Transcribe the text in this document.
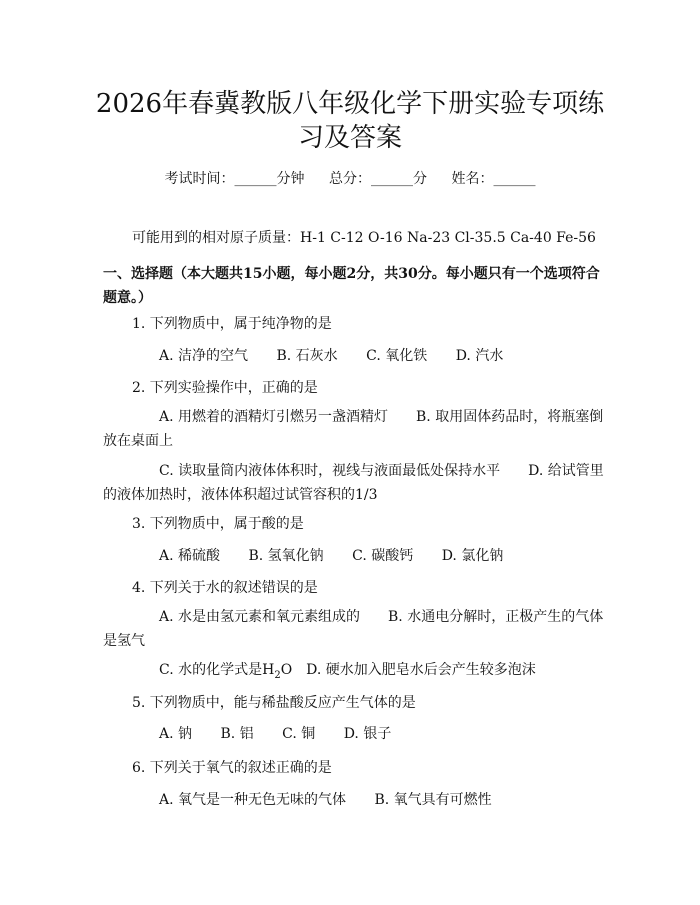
2026年春冀教版八年级化学下册实验专项练
习及答案
考试时间：______分钟 总分：______分 姓名：______
可能用到的相对原子质量：H-1 C-12 O-16 Na-23 Cl-35.5 Ca-40 Fe-56
一、选择题（本大题共15小题，每小题2分，共30分。每小题只有一个选项符合题意。）
1. 下列物质中，属于纯净物的是
A. 洁净的空气 B. 石灰水 C. 氧化铁 D. 汽水
2. 下列实验操作中，正确的是
A. 用燃着的酒精灯引燃另一盏酒精灯　　B. 取用固体药品时，将瓶塞倒放在桌面上
C. 读取量筒内液体体积时，视线与液面最低处保持水平　　D. 给试管里的液体加热时，液体体积超过试管容积的1/3
3. 下列物质中，属于酸的是
A. 稀硫酸 B. 氢氧化钠 C. 碳酸钙 D. 氯化钠
4. 下列关于水的叙述错误的是
A. 水是由氢元素和氧元素组成的　　B. 水通电分解时，正极产生的气体是氢气
C. 水的化学式是$H_2O$　D. 硬水加入肥皂水后会产生较多泡沫
5. 下列物质中，能与稀盐酸反应产生气体的是
A. 钠 B. 铝 C. 铜 D. 银子
6. 下列关于氧气的叙述正确的是
A. 氧气是一种无色无味的气体 B. 氧气具有可燃性
